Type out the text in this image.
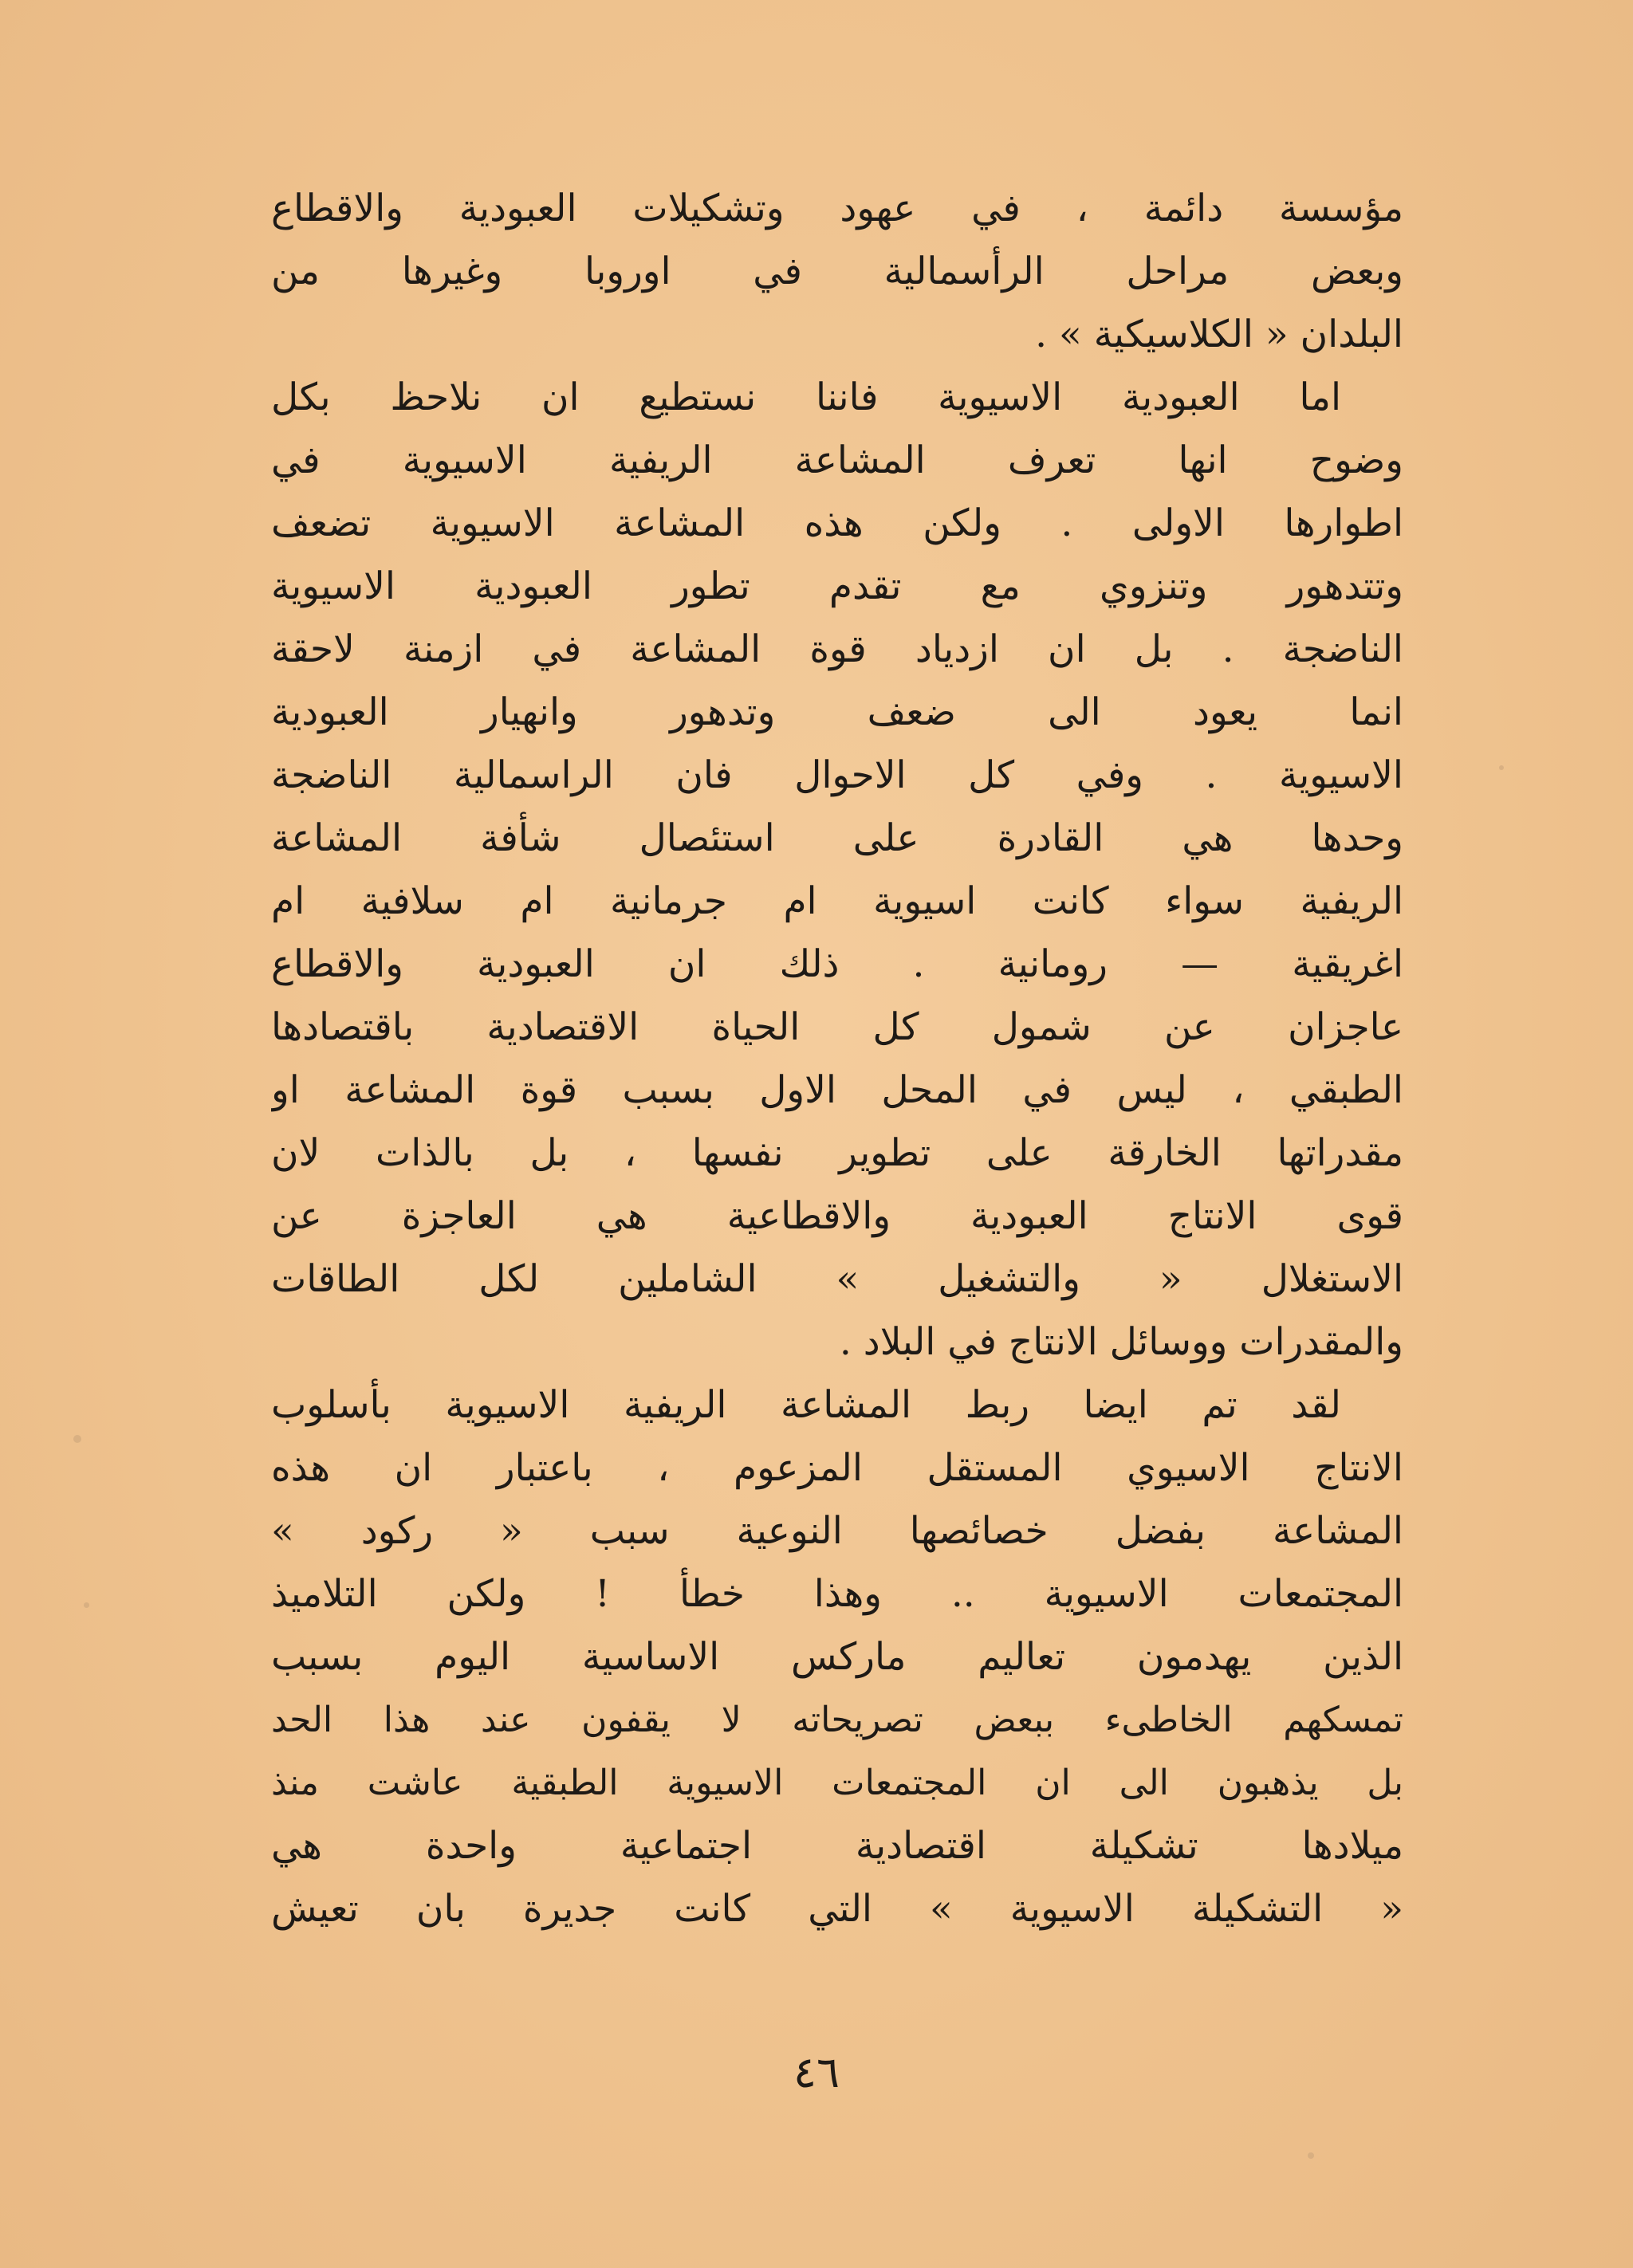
مؤسسة دائمة ، في عهود وتشكيلات العبودية والاقطاع
وبعض مراحل الرأسمالية في اوروبا وغيرها من
البلدان « الكلاسيكية » .
اما العبودية الاسيوية فاننا نستطيع ان نلاحظ بكل
وضوح انها تعرف المشاعة الريفية الاسيوية في
اطوارها الاولى . ولكن هذه المشاعة الاسيوية تضعف
وتتدهور وتنزوي مع تقدم تطور العبودية الاسيوية
الناضجة . بل ان ازدياد قوة المشاعة في ازمنة لاحقة
انما يعود الى ضعف وتدهور وانهيار العبودية
الاسيوية . وفي كل الاحوال فان الراسمالية الناضجة
وحدها هي القادرة على استئصال شأفة المشاعة
الريفية سواء كانت اسيوية ام جرمانية ام سلافية ام
اغريقية — رومانية . ذلك ان العبودية والاقطاع
عاجزان عن شمول كل الحياة الاقتصادية باقتصادها
الطبقي ، ليس في المحل الاول بسبب قوة المشاعة او
مقدراتها الخارقة على تطوير نفسها ، بل بالذات لان
قوى الانتاج العبودية والاقطاعية هي العاجزة عن
الاستغلال « والتشغيل » الشاملين لكل الطاقات
والمقدرات ووسائل الانتاج في البلاد .
لقد تم ايضا ربط المشاعة الريفية الاسيوية بأسلوب
الانتاج الاسيوي المستقل المزعوم ، باعتبار ان هذه
المشاعة بفضل خصائصها النوعية سبب « ركود »
المجتمعات الاسيوية .. وهذا خطأ ! ولكن التلاميذ
الذين يهدمون تعاليم ماركس الاساسية اليوم بسبب
تمسكهم الخاطىء ببعض تصريحاته لا يقفون عند هذا الحد
بل يذهبون الى ان المجتمعات الاسيوية الطبقية عاشت منذ
ميلادها تشكيلة اقتصادية اجتماعية واحدة هي
« التشكيلة الاسيوية » التي كانت جديرة بان تعيش
٤٦
